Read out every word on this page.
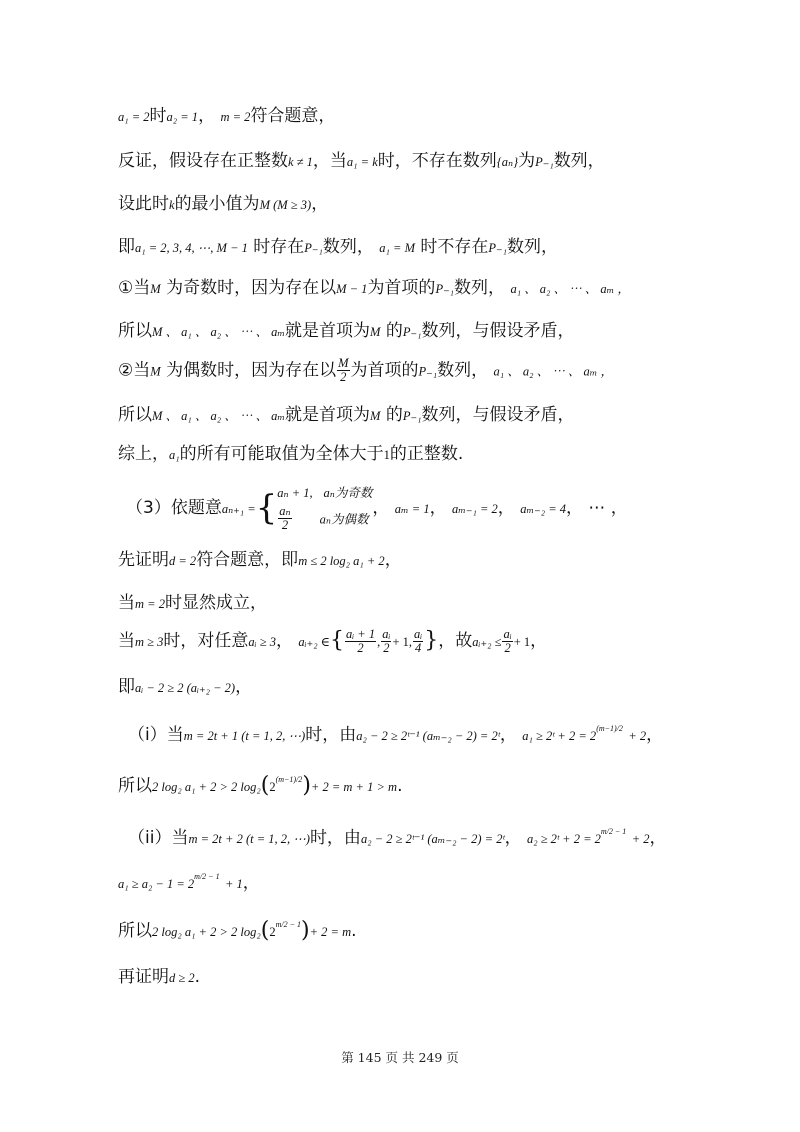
a₁ = 2时a₂ = 1， m = 2符合题意，
反证，假设存在正整数k ≠ 1，当a₁ = k时，不存在数列{aₙ}为P₋₁数列，
设此时k的最小值为M (M ≥ 3)，
即a₁ = 2, 3, 4, ⋯, M − 1 时存在P₋₁数列， a₁ = M 时不存在P₋₁数列，
①当M 为奇数时，因为存在以M − 1为首项的P₋₁数列， a₁ 、 a₂ 、 ⋯ 、 aₘ ，
所以M 、 a₁ 、 a₂ 、 ⋯ 、 aₘ就是首项为M 的P₋₁数列，与假设矛盾，
②当M 为偶数时，因为存在以 $\frac{M}{2}$ 为首项的P₋₁数列， a₁ 、 a₂ 、 ⋯ 、 aₘ ，
所以M 、 a₁ 、 a₂ 、 ⋯ 、 aₘ就是首项为M 的P₋₁数列，与假设矛盾，
综上，a₁的所有可能取值为全体大于1的正整数.
（3）依题意aₙ₊₁ ={ aₙ + 1, aₙ为奇数
$\frac{\text{aₙ}}{2}$ aₙ为偶数
， aₘ = 1， aₘ₋₁ = 2， aₘ₋₂ = 4， ⋯ ，
先证明d = 2符合题意，即m ≤ 2 log₂ a₁ + 2，
当m = 2时显然成立，
当m ≥ 3时，对任意aᵢ ≥ 3， aᵢ₊₂ ∈{ $\frac{\text{aᵢ + 1}}{2}$ , $\frac{\text{aᵢ}}{2} + 1$, $\frac{\text{aᵢ}}{4}$ }，故aᵢ₊₂ ≤ $\frac{\text{aᵢ}}{2} + 1$，
即aᵢ − 2 ≥ 2 (aᵢ₊₂ − 2)，
（i）当m = 2t + 1 (t = 1, 2, ⋯)时，由a₂ − 2 ≥ 2ᵗ⁻¹ (aₘ₋₂ − 2) = 2ᵗ， a₁ ≥ 2ᵗ + $2 = 2^{(m-1)/2} + 2$，
所以2 log₂ a₁ + 2 > 2 $\log_2(2^{(m-1)/2})+ 2 = m + 1 > m$.
（ii）当m = 2t + 2 (t = 1, 2, ⋯)时，由a₂ − 2 ≥ 2ᵗ⁻¹ (aₘ₋₂ − 2) = 2ᵗ， a₂ ≥ 2ᵗ + $2 = 2^{m/2 - 1} + 2$，
$a_1 \ge a_2 - 1 = 2^{m/2 - 1} + 1$，
所以2 log₂ a₁ + 2 > 2 $\log_2(2^{m/2 - 1})+ 2 = m$.
再证明d ≥ 2.
第 145 页 共 249 页
